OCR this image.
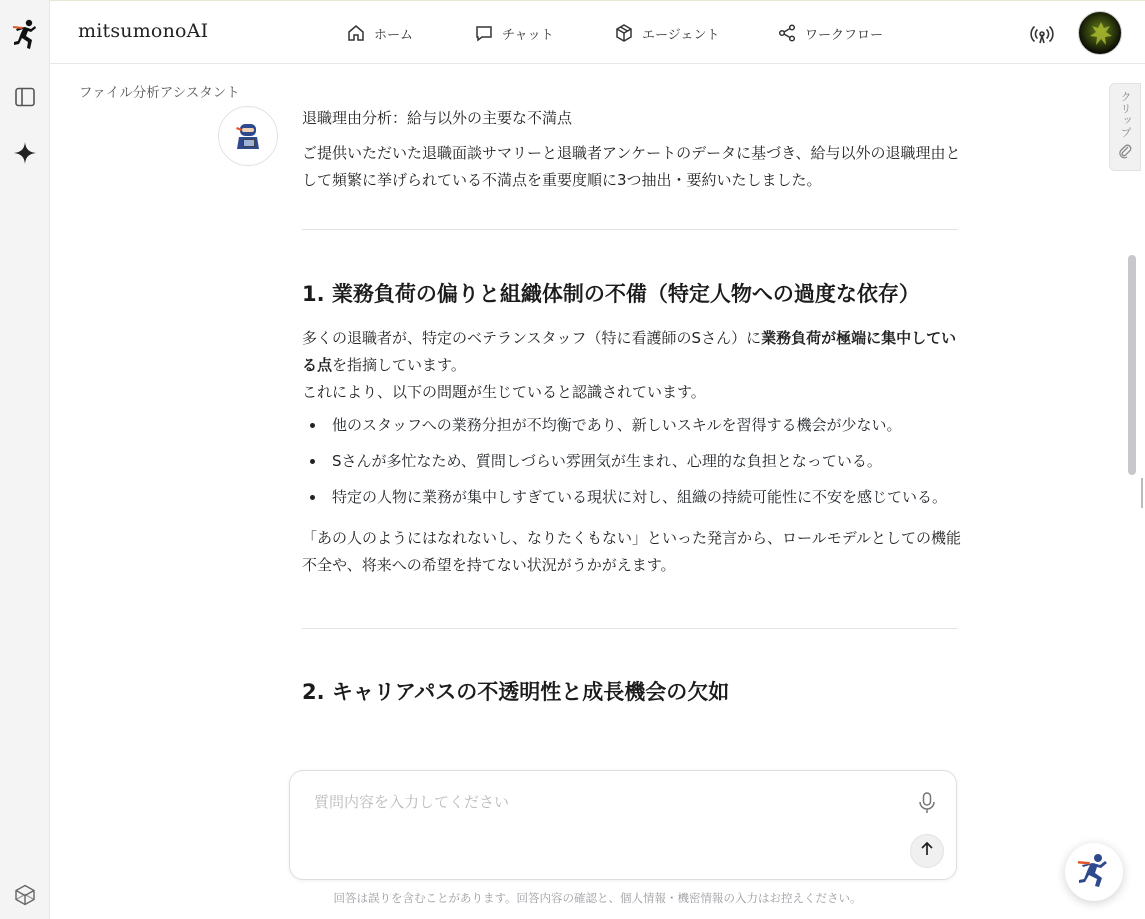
mitsumonoAI	ホーム	チャット	エージェント	ワークフロー
ファイル分析アシスタント	クリップ
退職理由分析：給与以外の主要な不満点

ご提供いただいた退職面談サマリーと退職者アンケートのデータに基づき、給与以外の退職理由として頻繁に挙げられている不満点を重要度順に3つ抽出・要約いたしました。

1. 業務負荷の偏りと組織体制の不備（特定人物への過度な依存）

多くの退職者が、特定のベテランスタッフ（特に看護師のSさん）に業務負荷が極端に集中している点を指摘しています。

これにより、以下の問題が生じていると認識されています。

他のスタッフへの業務分担が不均衡であり、新しいスキルを習得する機会が少ない。
Sさんが多忙なため、質問しづらい雰囲気が生まれ、心理的な負担となっている。
特定の人物に業務が集中しすぎている現状に対し、組織の持続可能性に不安を感じている。

「あの人のようにはなれないし、なりたくもない」といった発言から、ロールモデルとしての機能不全や、将来への希望を持てない状況がうかがえます。

2. キャリアパスの不透明性と成長機会の欠如
質問内容を入力してください
回答は誤りを含むことがあります。回答内容の確認と、個人情報・機密情報の入力はお控えください。
